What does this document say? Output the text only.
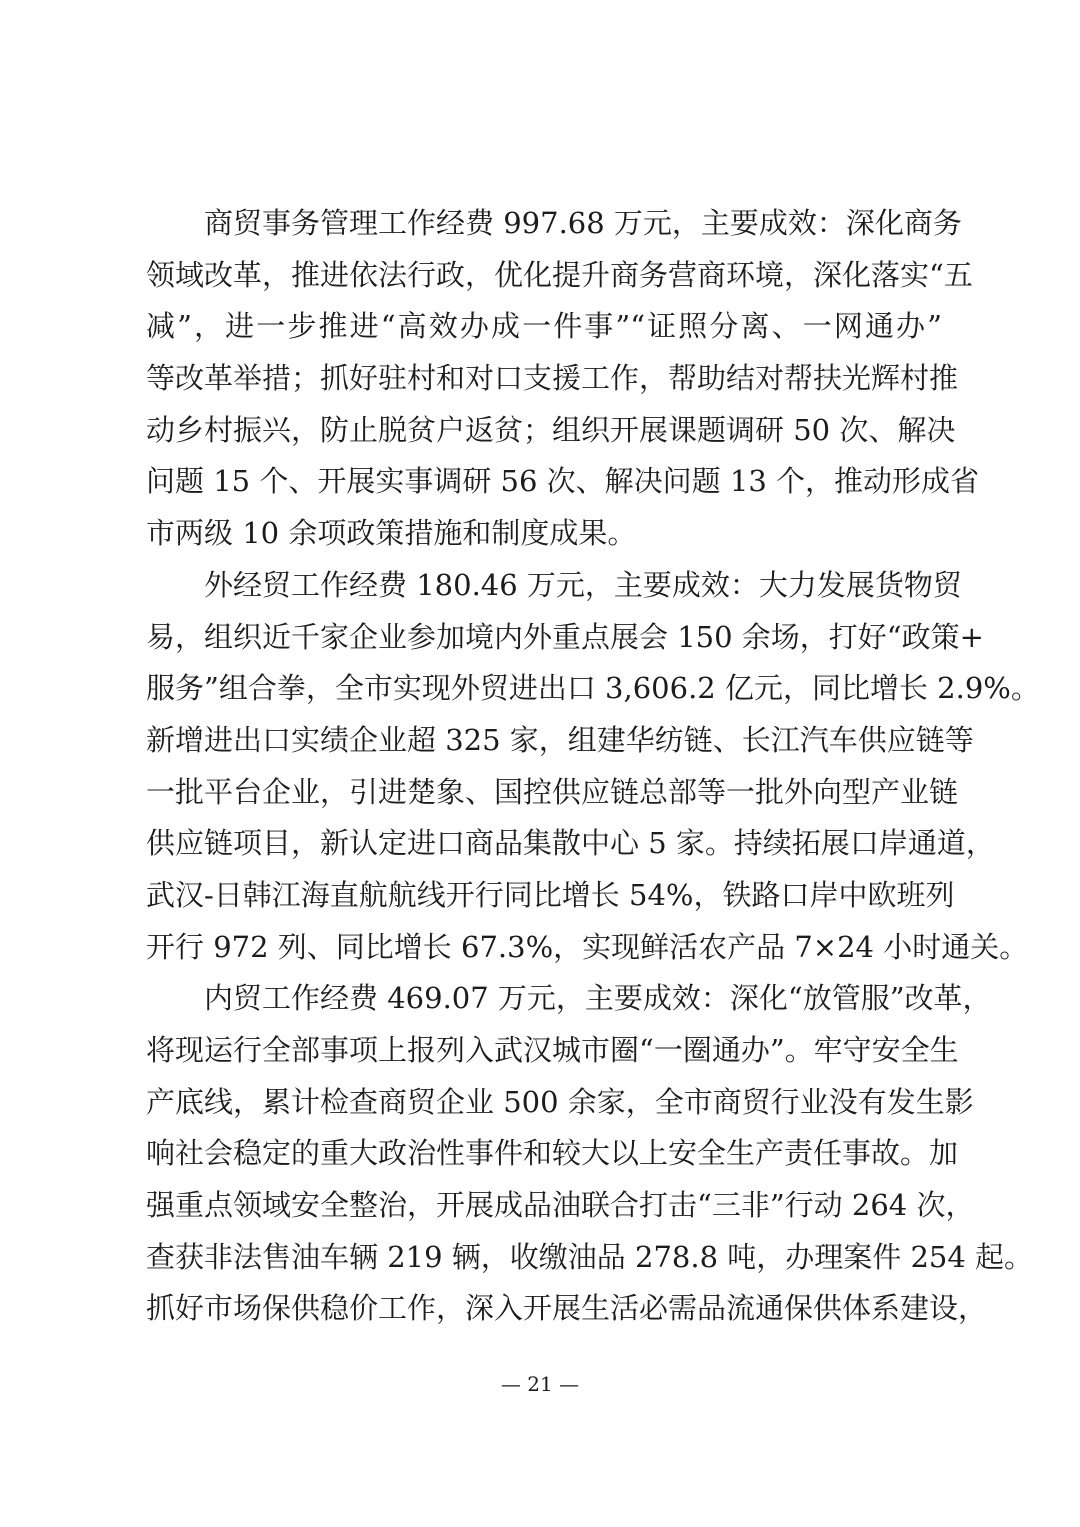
商贸事务管理工作经费 997.68 万元，主要成效：深化商务
领域改革，推进依法行政，优化提升商务营商环境，深化落实“五
减”，进一步推进“高效办成一件事”“证照分离、一网通办”
等改革举措；抓好驻村和对口支援工作，帮助结对帮扶光辉村推
动乡村振兴，防止脱贫户返贫；组织开展课题调研 50 次、解决
问题 15 个、开展实事调研 56 次、解决问题 13 个，推动形成省
市两级 10 余项政策措施和制度成果。
外经贸工作经费 180.46 万元，主要成效：大力发展货物贸
易，组织近千家企业参加境内外重点展会 150 余场，打好“政策+
服务”组合拳，全市实现外贸进出口 3,606.2 亿元，同比增长 2.9%。
新增进出口实绩企业超 325 家，组建华纺链、长江汽车供应链等
一批平台企业，引进楚象、国控供应链总部等一批外向型产业链
供应链项目，新认定进口商品集散中心 5 家。持续拓展口岸通道，
武汉-日韩江海直航航线开行同比增长 54%，铁路口岸中欧班列
开行 972 列、同比增长 67.3%，实现鲜活农产品 7×24 小时通关。
内贸工作经费 469.07 万元，主要成效：深化“放管服”改革，
将现运行全部事项上报列入武汉城市圈“一圈通办”。牢守安全生
产底线，累计检查商贸企业 500 余家，全市商贸行业没有发生影
响社会稳定的重大政治性事件和较大以上安全生产责任事故。加
强重点领域安全整治，开展成品油联合打击“三非”行动 264 次，
查获非法售油车辆 219 辆，收缴油品 278.8 吨，办理案件 254 起。
抓好市场保供稳价工作，深入开展生活必需品流通保供体系建设，
— 21 —
